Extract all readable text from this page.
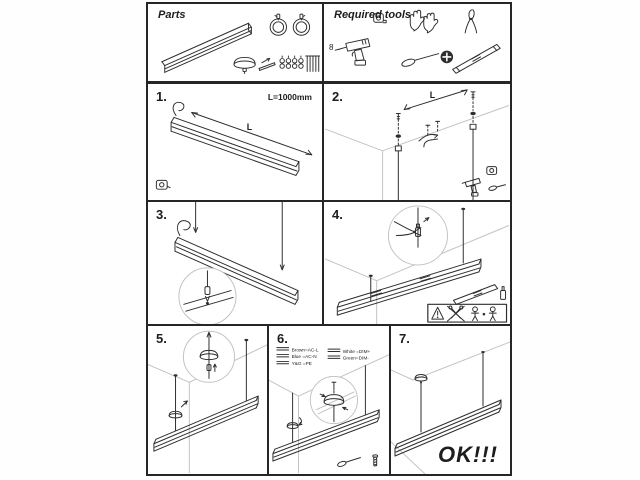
Parts	Required tools
8
1.	L=1000mm
L
2.	L
3.	4.
5.	6.
Brown=AC-L
Blue =AC-N
Y&G =PE
White =DIM+
Green=DIM-
7.
OK!!!
